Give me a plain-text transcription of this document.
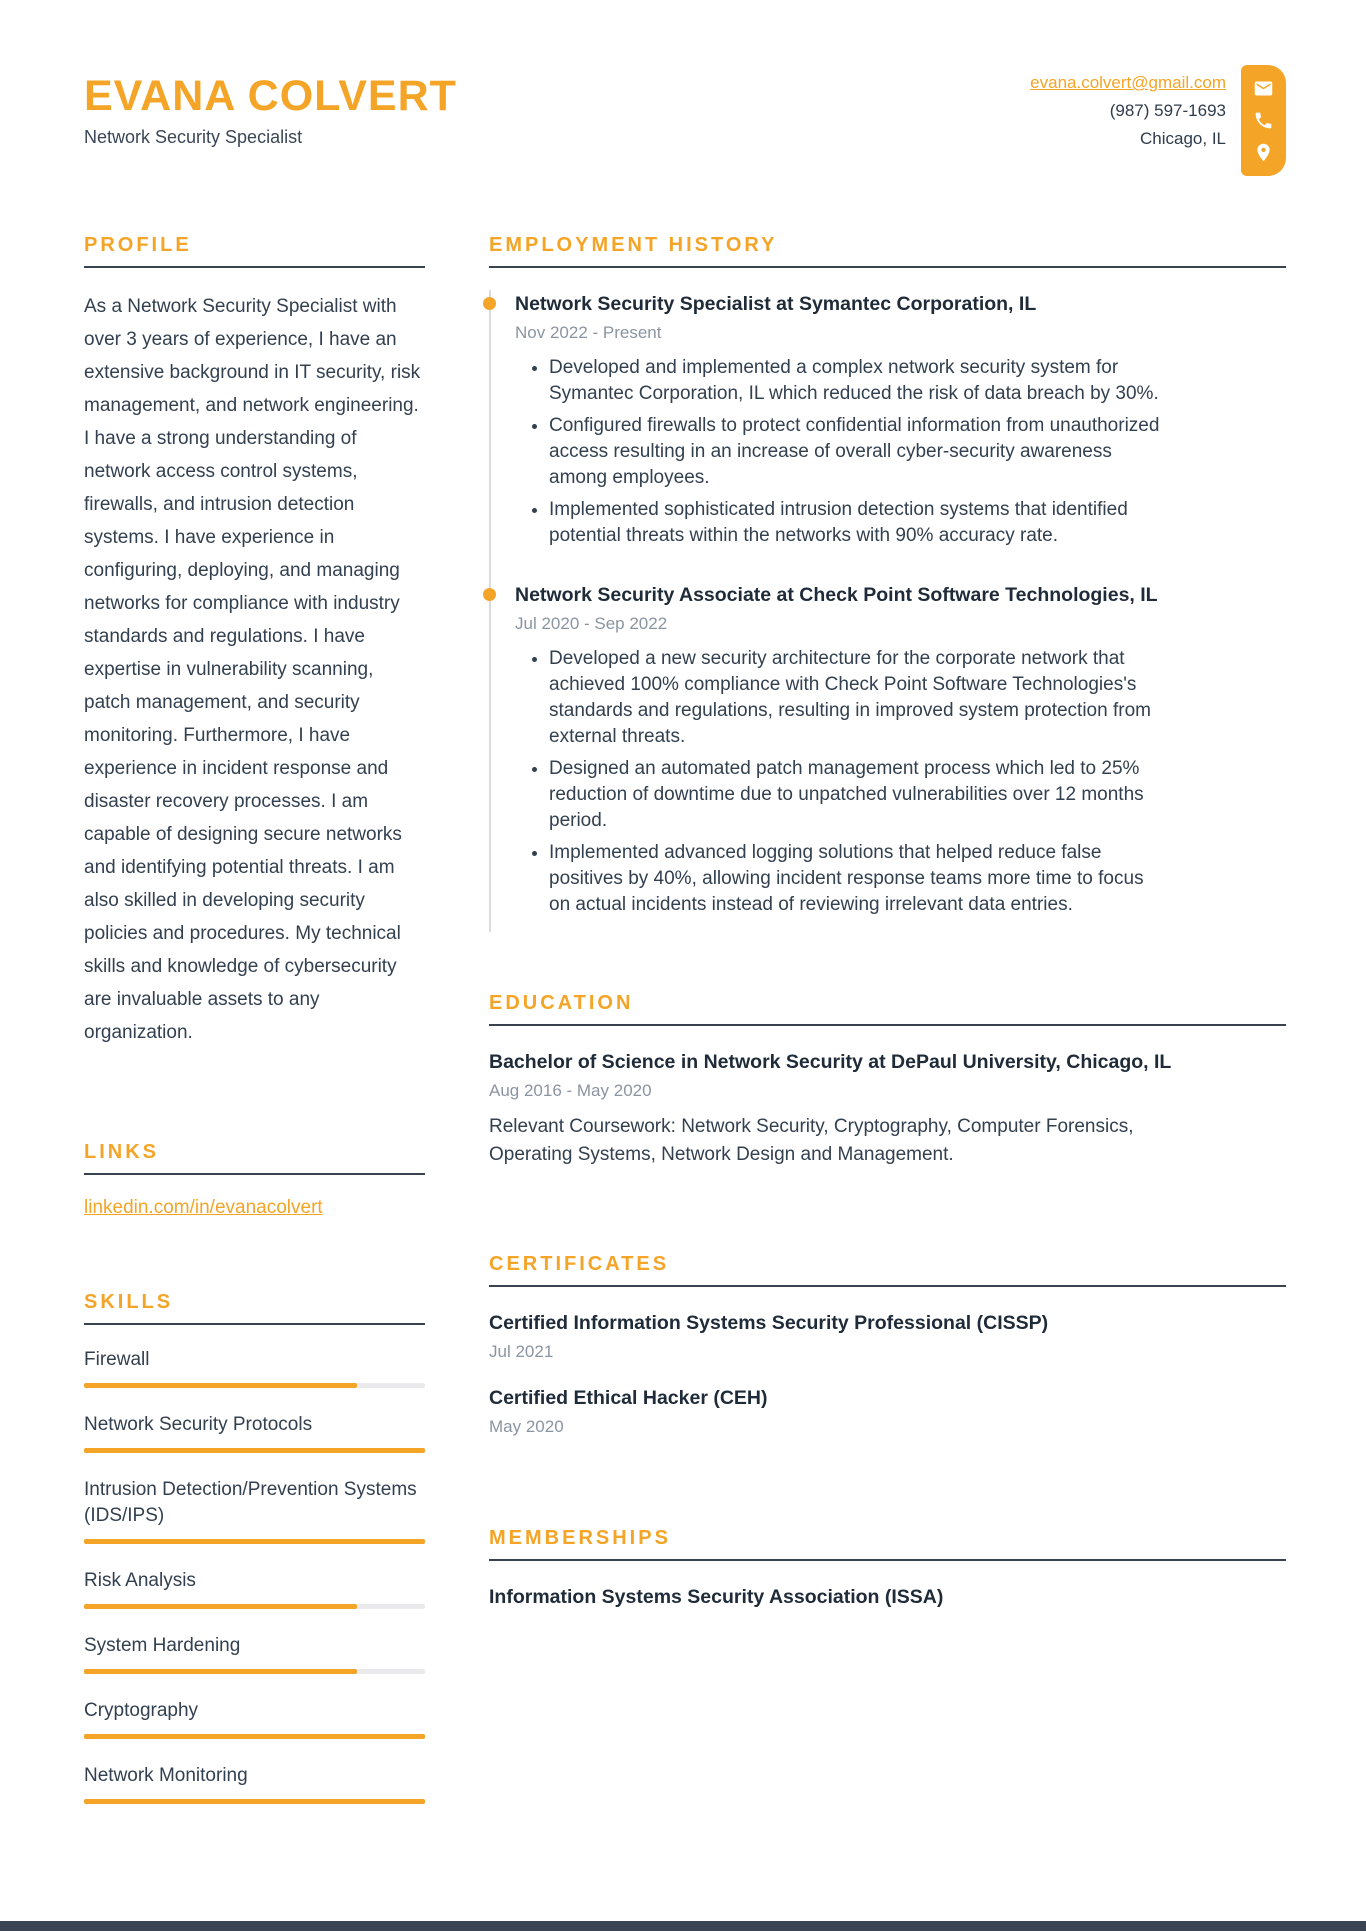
EVANA COLVERT
Network Security Specialist
evana.colvert@gmail.com
(987) 597-1693
Chicago, IL
PROFILE

As a Network Security Specialist with over 3 years of experience, I have an extensive background in IT security, risk management, and network engineering. I have a strong understanding of network access control systems, firewalls, and intrusion detection systems. I have experience in configuring, deploying, and managing networks for compliance with industry standards and regulations. I have expertise in vulnerability scanning, patch management, and security monitoring. Furthermore, I have experience in incident response and disaster recovery processes. I am capable of designing secure networks and identifying potential threats. I am also skilled in developing security policies and procedures. My technical skills and knowledge of cybersecurity are invaluable assets to any organization.

LINKS
linkedin.com/in/evanacolvert
SKILLS
Firewall
Network Security Protocols
Intrusion Detection/Prevention Systems (IDS/IPS)
Risk Analysis
System Hardening
Cryptography
Network Monitoring
EMPLOYMENT HISTORY
Network Security Specialist at Symantec Corporation, IL
Nov 2022 - Present
• Developed and implemented a complex network security system for Symantec Corporation, IL which reduced the risk of data breach by 30%.
• Configured firewalls to protect confidential information from unauthorized access resulting in an increase of overall cyber-security awareness among employees.
• Implemented sophisticated intrusion detection systems that identified potential threats within the networks with 90% accuracy rate.
Network Security Associate at Check Point Software Technologies, IL
Jul 2020 - Sep 2022
• Developed a new security architecture for the corporate network that achieved 100% compliance with Check Point Software Technologies's standards and regulations, resulting in improved system protection from external threats.
• Designed an automated patch management process which led to 25% reduction of downtime due to unpatched vulnerabilities over 12 months period.
• Implemented advanced logging solutions that helped reduce false positives by 40%, allowing incident response teams more time to focus on actual incidents instead of reviewing irrelevant data entries.
EDUCATION
Bachelor of Science in Network Security at DePaul University, Chicago, IL
Aug 2016 - May 2020
Relevant Coursework: Network Security, Cryptography, Computer Forensics, Operating Systems, Network Design and Management.
CERTIFICATES
Certified Information Systems Security Professional (CISSP)
Jul 2021
Certified Ethical Hacker (CEH)
May 2020
MEMBERSHIPS
Information Systems Security Association (ISSA)
